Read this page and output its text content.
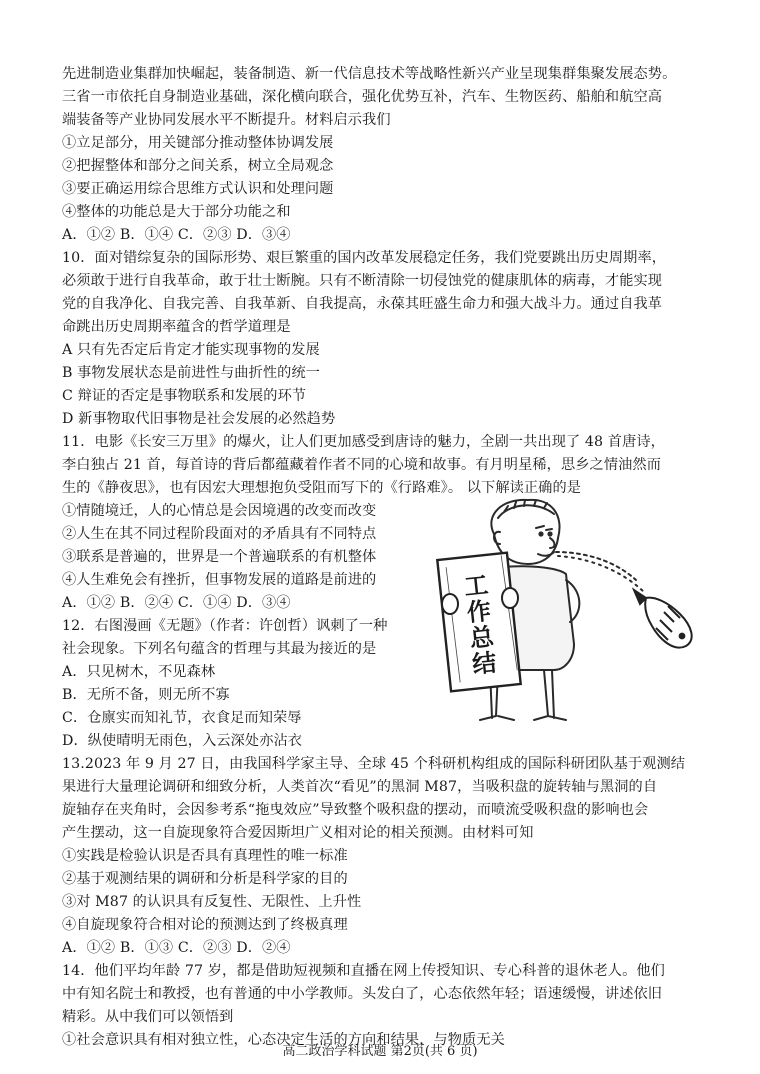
先进制造业集群加快崛起，装备制造、新一代信息技术等战略性新兴产业呈现集群集聚发展态势。
三省一市依托自身制造业基础，深化横向联合，强化优势互补，汽车、生物医药、船舶和航空高
端装备等产业协同发展水平不断提升。材料启示我们
①立足部分，用关键部分推动整体协调发展
②把握整体和部分之间关系，树立全局观念
③要正确运用综合思维方式认识和处理问题
④整体的功能总是大于部分功能之和
A．①② B．①④ C．②③ D．③④
10．面对错综复杂的国际形势、艰巨繁重的国内改革发展稳定任务，我们党要跳出历史周期率，
必须敢于进行自我革命，敢于壮士断腕。只有不断清除一切侵蚀党的健康肌体的病毒，才能实现
党的自我净化、自我完善、自我革新、自我提高，永葆其旺盛生命力和强大战斗力。通过自我革
命跳出历史周期率蕴含的哲学道理是
A 只有先否定后肯定才能实现事物的发展
B 事物发展状态是前进性与曲折性的统一
C 辩证的否定是事物联系和发展的环节
D 新事物取代旧事物是社会发展的必然趋势
11．电影《长安三万里》的爆火，让人们更加感受到唐诗的魅力，全剧一共出现了 48 首唐诗，
李白独占 21 首，每首诗的背后都蕴藏着作者不同的心境和故事。有月明星稀，思乡之情油然而
生的《静夜思》，也有因宏大理想抱负受阻而写下的《行路难》。 以下解读正确的是
①情随境迁，人的心情总是会因境遇的改变而改变
②人生在其不同过程阶段面对的矛盾具有不同特点
③联系是普遍的，世界是一个普遍联系的有机整体
④人生难免会有挫折，但事物发展的道路是前进的
A．①② B．②④ C．①④ D．③④
12．右图漫画《无题》（作者：许创哲）讽刺了一种
社会现象。下列名句蕴含的哲理与其最为接近的是
A．只见树木，不见森林
B．无所不备，则无所不寡
C．仓廪实而知礼节，衣食足而知荣辱
D．纵使晴明无雨色，入云深处亦沾衣
13.2023 年 9 月 27 日，由我国科学家主导、全球 45 个科研机构组成的国际科研团队基于观测结
果进行大量理论调研和细致分析，人类首次“看见”的黑洞 M87，当吸积盘的旋转轴与黑洞的自
旋轴存在夹角时，会因参考系“拖曳效应”导致整个吸积盘的摆动，而喷流受吸积盘的影响也会
产生摆动，这一自旋现象符合爱因斯坦广义相对论的相关预测。由材料可知
①实践是检验认识是否具有真理性的唯一标准
②基于观测结果的调研和分析是科学家的目的
③对 M87 的认识具有反复性、无限性、上升性
④自旋现象符合相对论的预测达到了终极真理
A．①② B．①③ C．②③ D．②④
14．他们平均年龄 77 岁，都是借助短视频和直播在网上传授知识、专心科普的退休老人。他们
中有知名院士和教授，也有普通的中小学教师。头发白了，心态依然年轻；语速缓慢，讲述依旧
精彩。从中我们可以领悟到
①社会意识具有相对独立性，心态决定生活的方向和结果，与物质无关
工
作
总
结
高二政治学科试题 第2页(共 6 页)
